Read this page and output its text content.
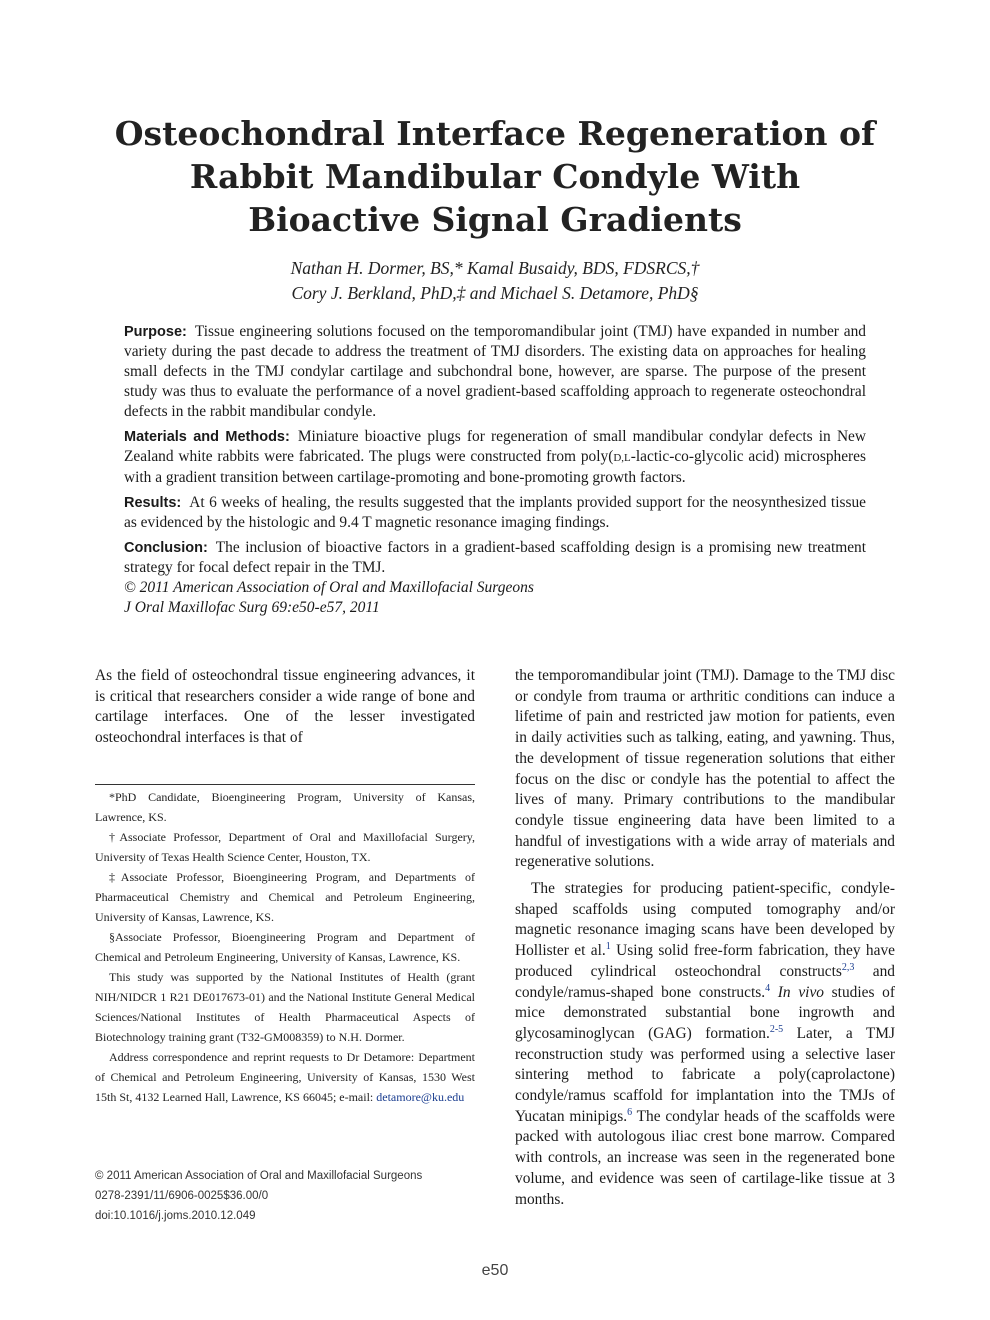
Osteochondral Interface Regeneration of
Rabbit Mandibular Condyle With
Bioactive Signal Gradients
Nathan H. Dormer, BS,* Kamal Busaidy, BDS, FDSRCS,†
Cory J. Berkland, PhD,‡ and Michael S. Detamore, PhD§

Purpose: Tissue engineering solutions focused on the temporomandibular joint (TMJ) have expanded in number and variety during the past decade to address the treatment of TMJ disorders. The existing data on approaches for healing small defects in the TMJ condylar cartilage and subchondral bone, however, are sparse. The purpose of the present study was thus to evaluate the performance of a novel gradient-based scaffolding approach to regenerate osteochondral defects in the rabbit mandibular condyle.

Materials and Methods: Miniature bioactive plugs for regeneration of small mandibular condylar defects in New Zealand white rabbits were fabricated. The plugs were constructed from poly(D,L-lactic-co-glycolic acid) microspheres with a gradient transition between cartilage-promoting and bone-promoting growth factors.

Results: At 6 weeks of healing, the results suggested that the implants provided support for the neosynthesized tissue as evidenced by the histologic and 9.4 T magnetic resonance imaging findings.

Conclusion: The inclusion of bioactive factors in a gradient-based scaffolding design is a promising new treatment strategy for focal defect repair in the TMJ.

© 2011 American Association of Oral and Maxillofacial Surgeons

J Oral Maxillofac Surg 69:e50-e57, 2011

As the field of osteochondral tissue engineering advances, it is critical that researchers consider a wide range of bone and cartilage interfaces. One of the lesser investigated osteochondral interfaces is that of

*PhD Candidate, Bioengineering Program, University of Kansas, Lawrence, KS.

†Associate Professor, Department of Oral and Maxillofacial Surgery, University of Texas Health Science Center, Houston, TX.

‡Associate Professor, Bioengineering Program, and Departments of Pharmaceutical Chemistry and Chemical and Petroleum Engineering, University of Kansas, Lawrence, KS.

§Associate Professor, Bioengineering Program and Department of Chemical and Petroleum Engineering, University of Kansas, Lawrence, KS.

This study was supported by the National Institutes of Health (grant NIH/NIDCR 1 R21 DE017673-01) and the National Institute General Medical Sciences/National Institutes of Health Pharmaceutical Aspects of Biotechnology training grant (T32-GM008359) to N.H. Dormer.

Address correspondence and reprint requests to Dr Detamore: Department of Chemical and Petroleum Engineering, University of Kansas, 1530 West 15th St, 4132 Learned Hall, Lawrence, KS 66045; e-mail: detamore@ku.edu

© 2011 American Association of Oral and Maxillofacial Surgeons
0278-2391/11/6906-0025$36.00/0
doi:10.1016/j.joms.2010.12.049

the temporomandibular joint (TMJ). Damage to the TMJ disc or condyle from trauma or arthritic conditions can induce a lifetime of pain and restricted jaw motion for patients, even in daily activities such as talking, eating, and yawning. Thus, the development of tissue regeneration solutions that either focus on the disc or condyle has the potential to affect the lives of many. Primary contributions to the mandibular condyle tissue engineering data have been limited to a handful of investigations with a wide array of materials and regenerative solutions.

The strategies for producing patient-specific, condyle-shaped scaffolds using computed tomography and/or magnetic resonance imaging scans have been developed by Hollister et al.$^1$ Using solid free-form fabrication, they have produced cylindrical osteochondral constructs$^{2,3}$ and condyle/ramus-shaped bone constructs.$^4$ In vivo studies of mice demonstrated substantial bone ingrowth and glycosaminoglycan (GAG) formation.$^{2-5}$ Later, a TMJ reconstruction study was performed using a selective laser sintering method to fabricate a poly(caprolactone) condyle/ramus scaffold for implantation into the TMJs of Yucatan minipigs.$^6$ The condylar heads of the scaffolds were packed with autologous iliac crest bone marrow. Compared with controls, an increase was seen in the regenerated bone volume, and evidence was seen of cartilage-like tissue at 3 months.

e50
